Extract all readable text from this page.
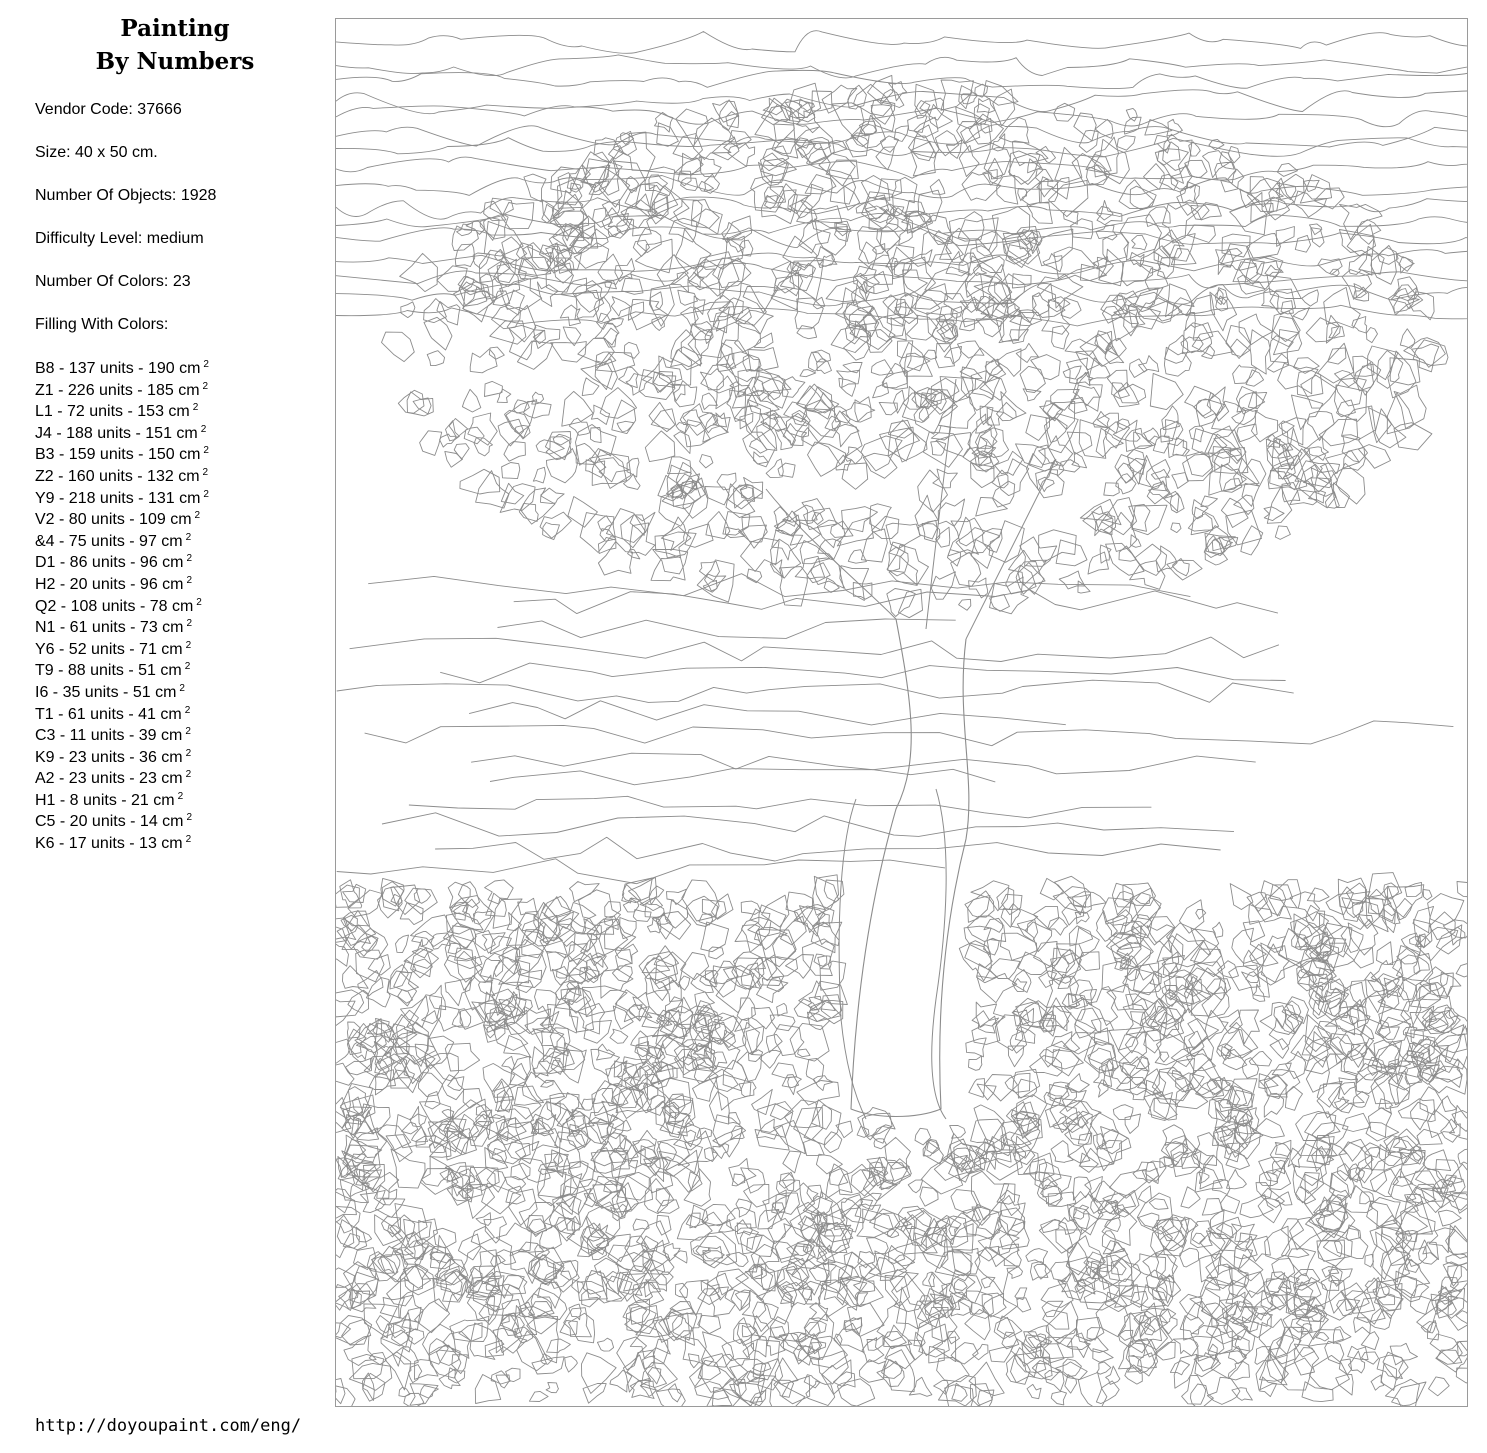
Painting
By Numbers
Vendor Code: 37666
Size: 40 x 50 cm.
Number Of Objects: 1928
Difficulty Level: medium
Number Of Colors: 23
Filling With Colors:
B8 - 137 units - 190 cm $^2$
Z1 - 226 units - 185 cm $^2$
L1 - 72 units - 153 cm $^2$
J4 - 188 units - 151 cm $^2$
B3 - 159 units - 150 cm $^2$
Z2 - 160 units - 132 cm $^2$
Y9 - 218 units - 131 cm $^2$
V2 - 80 units - 109 cm $^2$
&4 - 75 units - 97 cm $^2$
D1 - 86 units - 96 cm $^2$
H2 - 20 units - 96 cm $^2$
Q2 - 108 units - 78 cm $^2$
N1 - 61 units - 73 cm $^2$
Y6 - 52 units - 71 cm $^2$
T9 - 88 units - 51 cm $^2$
I6 - 35 units - 51 cm $^2$
T1 - 61 units - 41 cm $^2$
C3 - 11 units - 39 cm $^2$
K9 - 23 units - 36 cm $^2$
A2 - 23 units - 23 cm $^2$
H1 - 8 units - 21 cm $^2$
C5 - 20 units - 14 cm $^2$
K6 - 17 units - 13 cm $^2$
http://doyoupaint.com/eng/
